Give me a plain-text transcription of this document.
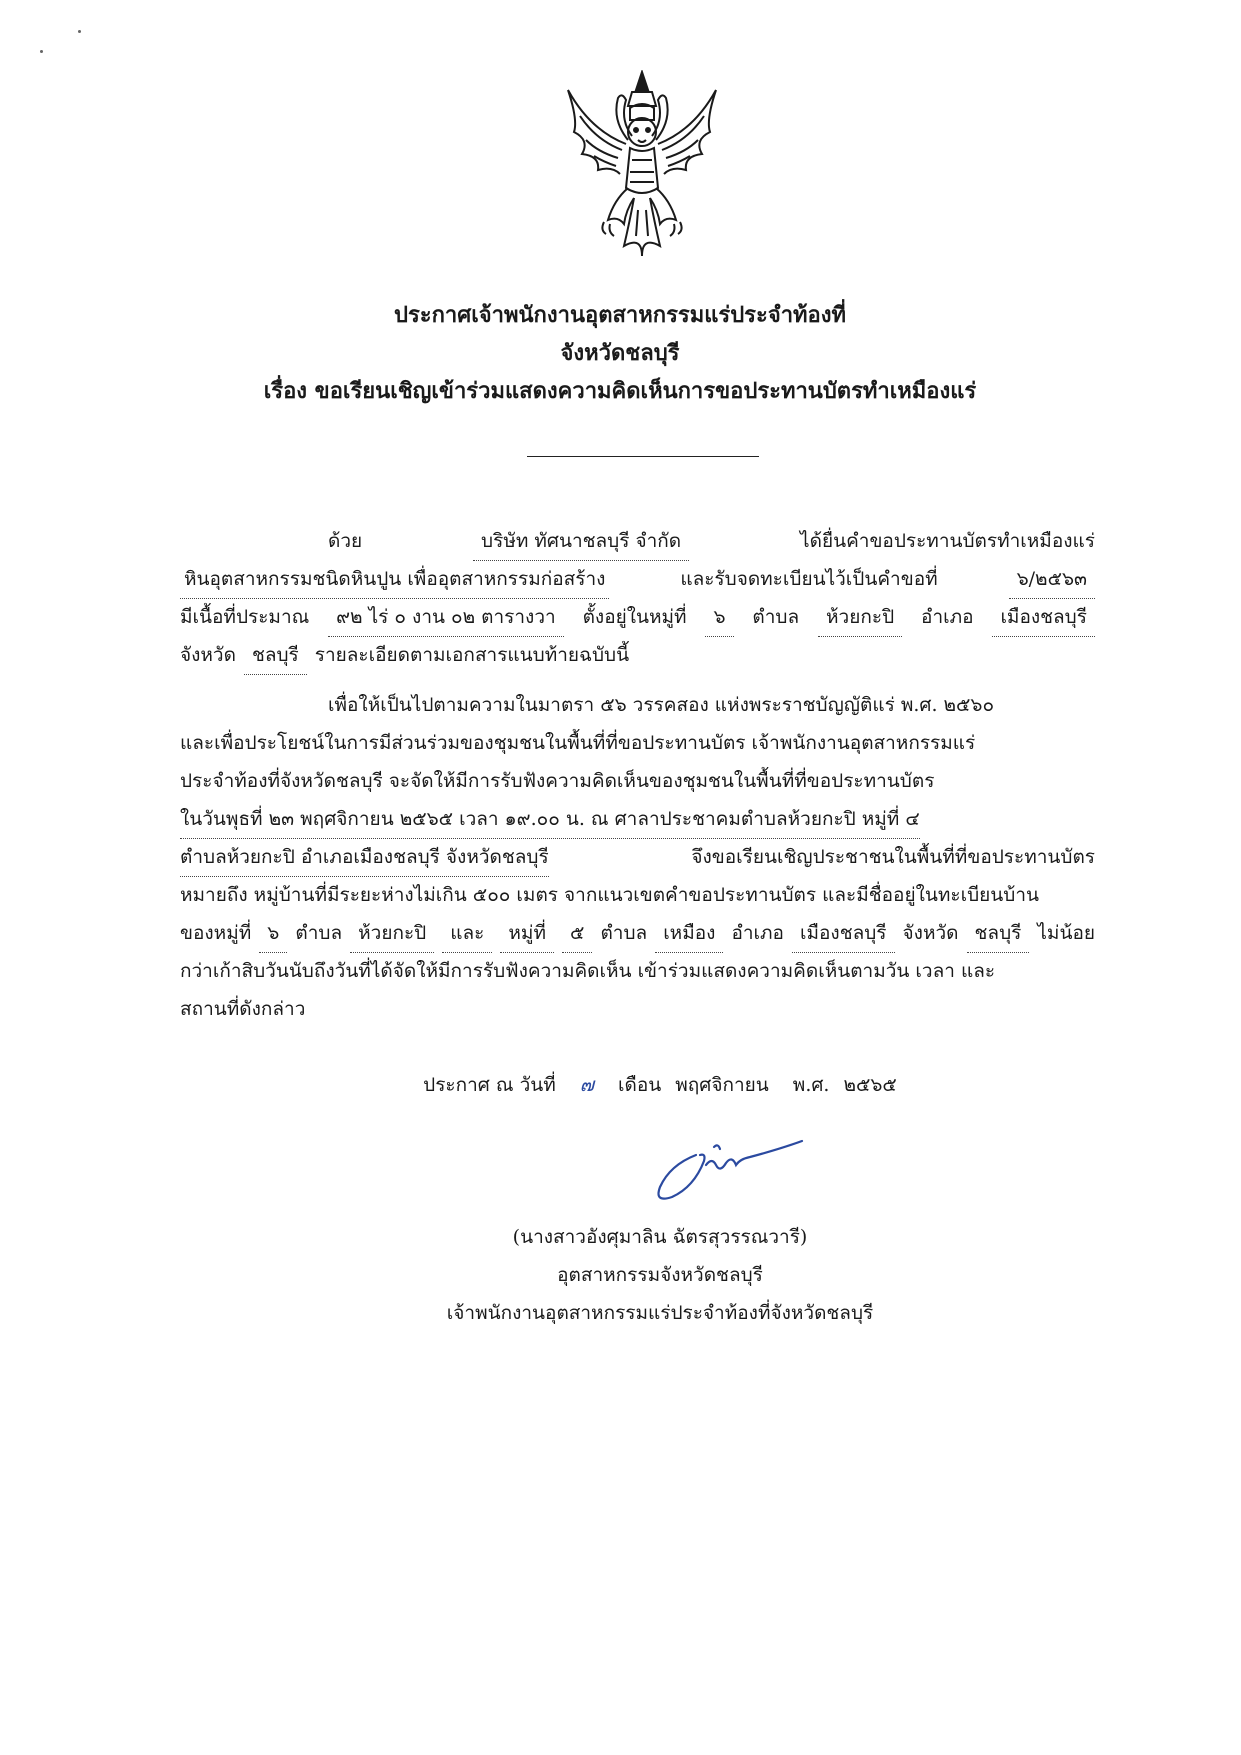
ประกาศเจ้าพนักงานอุตสาหกรรมแร่ประจำท้องที่
จังหวัดชลบุรี
เรื่อง ขอเรียนเชิญเข้าร่วมแสดงความคิดเห็นการขอประทานบัตรทำเหมืองแร่
ด้วย	บริษัท ทัศนาชลบุรี จำกัด	ได้ยื่นคำขอประทานบัตรทำเหมืองแร่
หินอุตสาหกรรมชนิดหินปูน เพื่ออุตสาหกรรมก่อสร้าง	และรับจดทะเบียนไว้เป็นคำขอที่	๖/๒๕๖๓
มีเนื้อที่ประมาณ	๙๒ ไร่ ๐ งาน ๐๒ ตารางวา	ตั้งอยู่ในหมู่ที่	๖	ตำบล	ห้วยกะปิ	อำเภอ	เมืองชลบุรี
จังหวัด ชลบุรี รายละเอียดตามเอกสารแนบท้ายฉบับนี้
เพื่อให้เป็นไปตามความในมาตรา ๕๖ วรรคสอง แห่งพระราชบัญญัติแร่ พ.ศ. ๒๕๖๐
และเพื่อประโยชน์ในการมีส่วนร่วมของชุมชนในพื้นที่ที่ขอประทานบัตร เจ้าพนักงานอุตสาหกรรมแร่
ประจำท้องที่จังหวัดชลบุรี จะจัดให้มีการรับฟังความคิดเห็นของชุมชนในพื้นที่ที่ขอประทานบัตร
ในวันพุธที่ ๒๓ พฤศจิกายน ๒๕๖๕ เวลา ๑๙.๐๐ น. ณ ศาลาประชาคมตำบลห้วยกะปิ หมู่ที่ ๔
ตำบลห้วยกะปิ อำเภอเมืองชลบุรี จังหวัดชลบุรี	จึงขอเรียนเชิญประชาชนในพื้นที่ที่ขอประทานบัตร
หมายถึง หมู่บ้านที่มีระยะห่างไม่เกิน ๕๐๐ เมตร จากแนวเขตคำขอประทานบัตร และมีชื่ออยู่ในทะเบียนบ้าน
ของหมู่ที่ ๖ ตำบล ห้วยกะปิ	และ	หมู่ที่	๕ ตำบล เหมือง อำเภอ เมืองชลบุรี จังหวัด ชลบุรี ไม่น้อย
กว่าเก้าสิบวันนับถึงวันที่ได้จัดให้มีการรับฟังความคิดเห็น เข้าร่วมแสดงความคิดเห็นตามวัน เวลา และ
สถานที่ดังกล่าว
ประกาศ ณ วันที่	๗	เดือน พฤศจิกายน พ.ศ. ๒๕๖๕
(นางสาวอังศุมาลิน ฉัตรสุวรรณวารี)
อุตสาหกรรมจังหวัดชลบุรี
เจ้าพนักงานอุตสาหกรรมแร่ประจำท้องที่จังหวัดชลบุรี
